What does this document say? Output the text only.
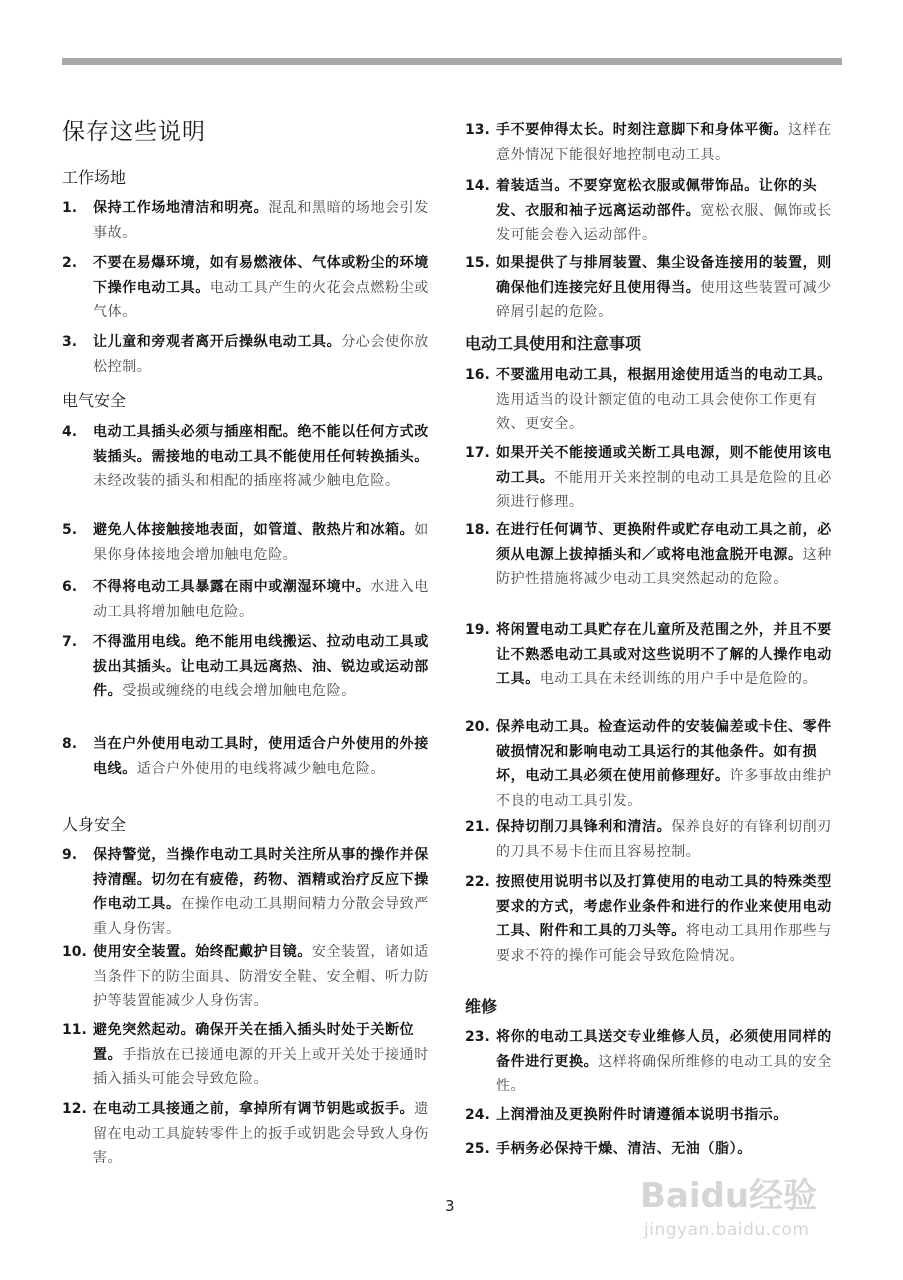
保存这些说明
工作场地
1. 保持工作场地清洁和明亮。混乱和黑暗的场地会引发事故。
2. 不要在易爆环境，如有易燃液体、气体或粉尘的环境下操作电动工具。电动工具产生的火花会点燃粉尘或气体。
3. 让儿童和旁观者离开后操纵电动工具。分心会使你放松控制。
电气安全
4. 电动工具插头必须与插座相配。绝不能以任何方式改装插头。需接地的电动工具不能使用任何转换插头。未经改装的插头和相配的插座将减少触电危险。
5. 避免人体接触接地表面，如管道、散热片和冰箱。如果你身体接地会增加触电危险。
6. 不得将电动工具暴露在雨中或潮湿环境中。水进入电动工具将增加触电危险。
7. 不得滥用电线。绝不能用电线搬运、拉动电动工具或拔出其插头。让电动工具远离热、油、锐边或运动部件。受损或缠绕的电线会增加触电危险。
8. 当在户外使用电动工具时，使用适合户外使用的外接电线。适合户外使用的电线将减少触电危险。
人身安全
9. 保持警觉，当操作电动工具时关注所从事的操作并保持清醒。切勿在有疲倦，药物、酒精或治疗反应下操作电动工具。在操作电动工具期间精力分散会导致严重人身伤害。
10. 使用安全装置。始终配戴护目镜。安全装置，诸如适当条件下的防尘面具、防滑安全鞋、安全帽、听力防护等装置能减少人身伤害。
11. 避免突然起动。确保开关在插入插头时处于关断位置。手指放在已接通电源的开关上或开关处于接通时插入插头可能会导致危险。
12. 在电动工具接通之前，拿掉所有调节钥匙或扳手。遗留在电动工具旋转零件上的扳手或钥匙会导致人身伤害。
13. 手不要伸得太长。时刻注意脚下和身体平衡。这样在意外情况下能很好地控制电动工具。
14. 着装适当。不要穿宽松衣服或佩带饰品。让你的头发、衣服和袖子远离运动部件。宽松衣服、佩饰或长发可能会卷入运动部件。
15. 如果提供了与排屑装置、集尘设备连接用的装置，则确保他们连接完好且使用得当。使用这些装置可减少碎屑引起的危险。
电动工具使用和注意事项
16. 不要滥用电动工具，根据用途使用适当的电动工具。选用适当的设计额定值的电动工具会使你工作更有效、更安全。
17. 如果开关不能接通或关断工具电源，则不能使用该电动工具。不能用开关来控制的电动工具是危险的且必须进行修理。
18. 在进行任何调节、更换附件或贮存电动工具之前，必须从电源上拔掉插头和／或将电池盒脱开电源。这种防护性措施将减少电动工具突然起动的危险。
19. 将闲置电动工具贮存在儿童所及范围之外，并且不要让不熟悉电动工具或对这些说明不了解的人操作电动工具。电动工具在未经训练的用户手中是危险的。
20. 保养电动工具。检查运动件的安装偏差或卡住、零件破损情况和影响电动工具运行的其他条件。如有损坏，电动工具必须在使用前修理好。许多事故由维护不良的电动工具引发。
21. 保持切削刀具锋利和清洁。保养良好的有锋利切削刃的刀具不易卡住而且容易控制。
22. 按照使用说明书以及打算使用的电动工具的特殊类型要求的方式，考虑作业条件和进行的作业来使用电动工具、附件和工具的刀头等。将电动工具用作那些与要求不符的操作可能会导致危险情况。
维修
23. 将你的电动工具送交专业维修人员，必须使用同样的备件进行更换。这样将确保所维修的电动工具的安全性。
24. 上润滑油及更换附件时请遵循本说明书指示。
25. 手柄务必保持干燥、清洁、无油（脂）。
3	Baidu经验
jingyan.baidu.com
